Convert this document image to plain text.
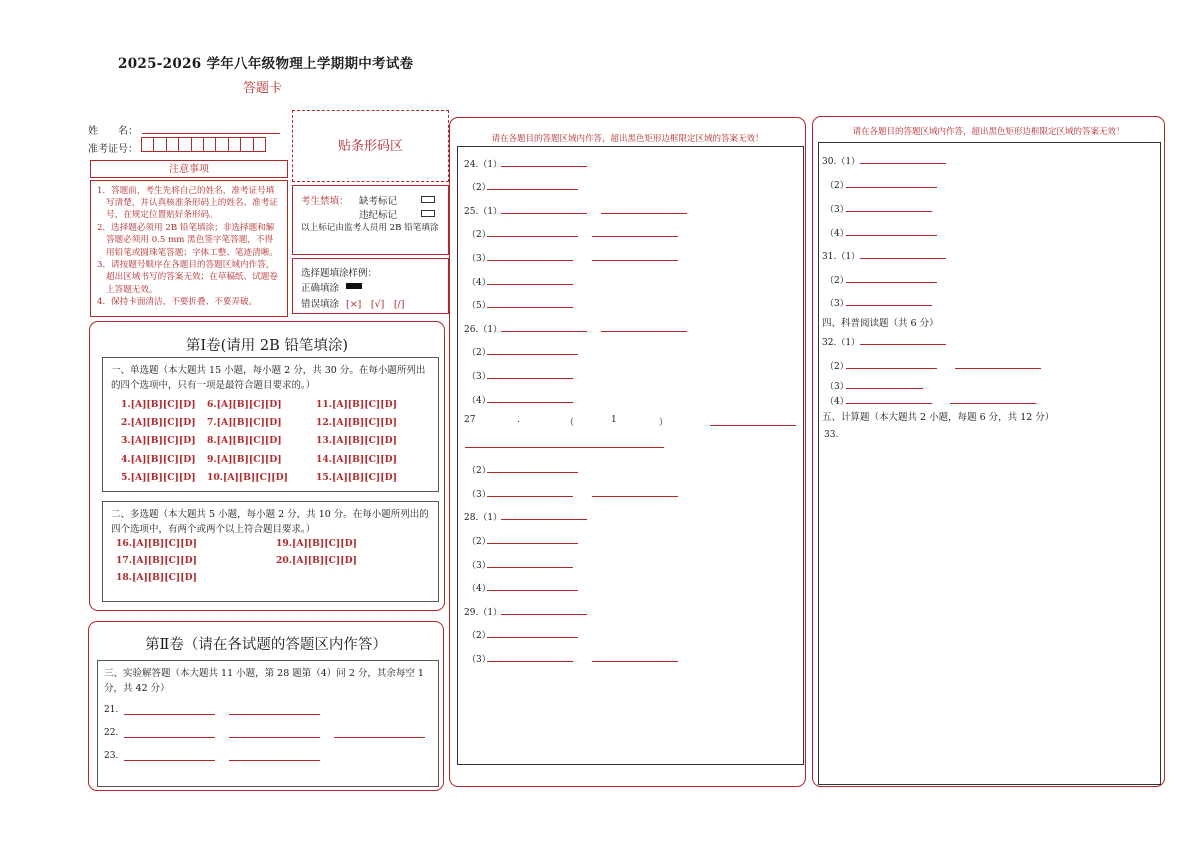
2025-2026 学年八年级物理上学期期中考试卷
答题卡
姓　　名：
准考证号：	贴条形码区
注意事项
1．答题前，考生先将自己的姓名，准考证号填写清楚，并认真核准条形码上的姓名、准考证号，在规定位置贴好条形码。
2．选择题必须用 2B 铅笔填涂；非选择题和解答题必须用 0.5 mm 黑色签字笔答题，不得用铅笔或圆珠笔答题；字体工整、笔迹清晰。
3．请按题号顺序在各题目的答题区域内作答，超出区域书写的答案无效；在草稿纸、试题卷上答题无效。
4．保持卡面清洁，不要折叠、不要弄破。
考生禁填： 缺考标记
违纪标记
以上标记由监考人员用 2B 铅笔填涂
选择题填涂样例：
正确填涂
错误填涂 [×]　[√]　[/]
第Ⅰ卷(请用 2B 铅笔填涂)
一、单选题（本大题共 15 小题，每小题 2 分，共 30 分。在每小题所列出的四个选项中，只有一项是最符合题目要求的。）
1.[A][B][C][D] 6.[A][B][C][D]	11.[A][B][C][D]
2.[A][B][C][D] 7.[A][B][C][D]	12.[A][B][C][D]
3.[A][B][C][D] 8.[A][B][C][D]	13.[A][B][C][D]
4.[A][B][C][D] 9.[A][B][C][D]	14.[A][B][C][D]
5.[A][B][C][D] 10.[A][B][C][D]	15.[A][B][C][D]
二、多选题（本大题共 5 小题，每小题 2 分，共 10 分。在每小题所列出的四个选项中，有两个或两个以上符合题目要求。）
16.[A][B][C][D]	19.[A][B][C][D]
17.[A][B][C][D]	20.[A][B][C][D]
18.[A][B][C][D]
第Ⅱ卷（请在各试题的答题区内作答）
三、实验解答题（本大题共 11 小题，第 28 题第（4）问 2 分，其余每空 1 分，共 42 分）
21.
22.
23.
请在各题目的答题区域内作答，超出黑色矩形边框限定区域的答案无效！
24.（1）
（2）
25.（1）
（2）
（3）
（4）
（5）
26.（1）
（2）
（3）
（4）
（2）
（3）
28.（1）
（2）
（3）
（4）
29.（1）
（2）
（3）
27	.	（	1	）
请在各题目的答题区域内作答，超出黑色矩形边框限定区域的答案无效！
30.（1）
（2）
（3）
（4）
31.（1）
（2）
（3）
32.（1）
（2）
（3）
（4）
四、科普阅读题（共 6 分）
五、计算题（本大题共 2 小题，每题 6 分，共 12 分）
33.
